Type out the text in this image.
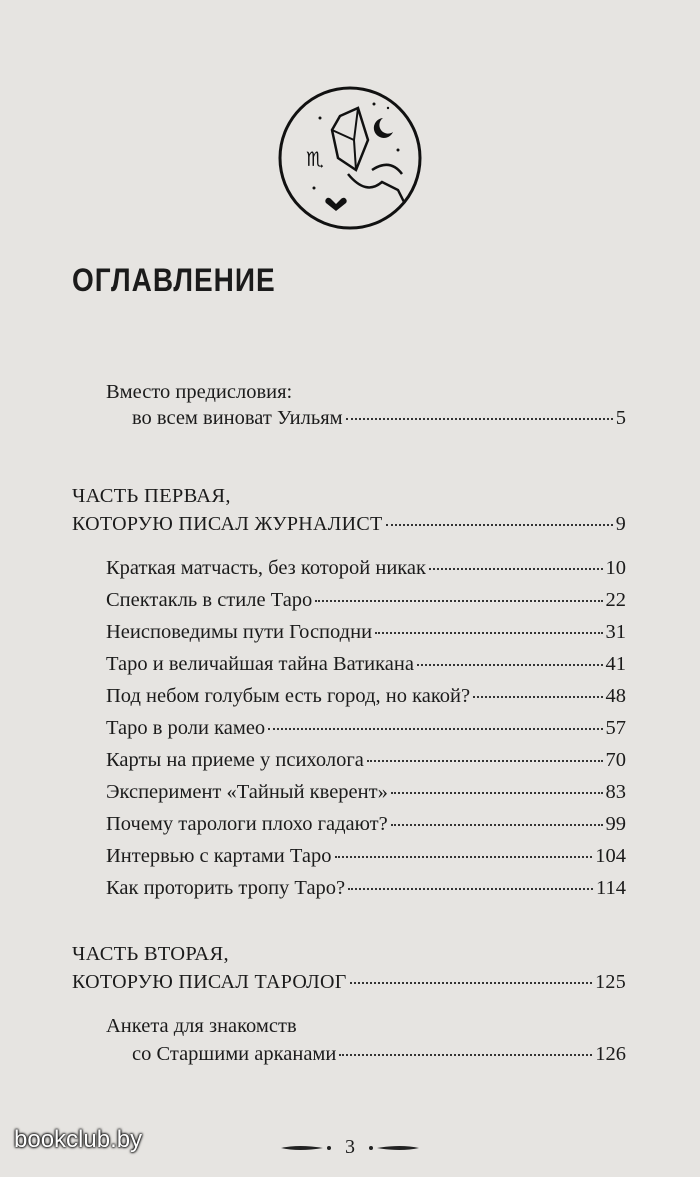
♏
ОГЛАВЛЕНИЕ
Вместо предисловия:
во всем виноват Уильям	5
ЧАСТЬ ПЕРВАЯ,
КОТОРУЮ ПИСАЛ ЖУРНАЛИСТ	9
Краткая матчасть, без которой никак	10
Спектакль в стиле Таро	22
Неисповедимы пути Господни	31
Таро и величайшая тайна Ватикана	41
Под небом голубым есть город, но какой?	48
Таро в роли камео	57
Карты на приеме у психолога	70
Эксперимент «Тайный кверент»	83
Почему тарологи плохо гадают?	99
Интервью с картами Таро	104
Как проторить тропу Таро?	114
ЧАСТЬ ВТОРАЯ,
КОТОРУЮ ПИСАЛ ТАРОЛОГ	125
Анкета для знакомств
со Старшими арканами	126
3
bookclub.by
